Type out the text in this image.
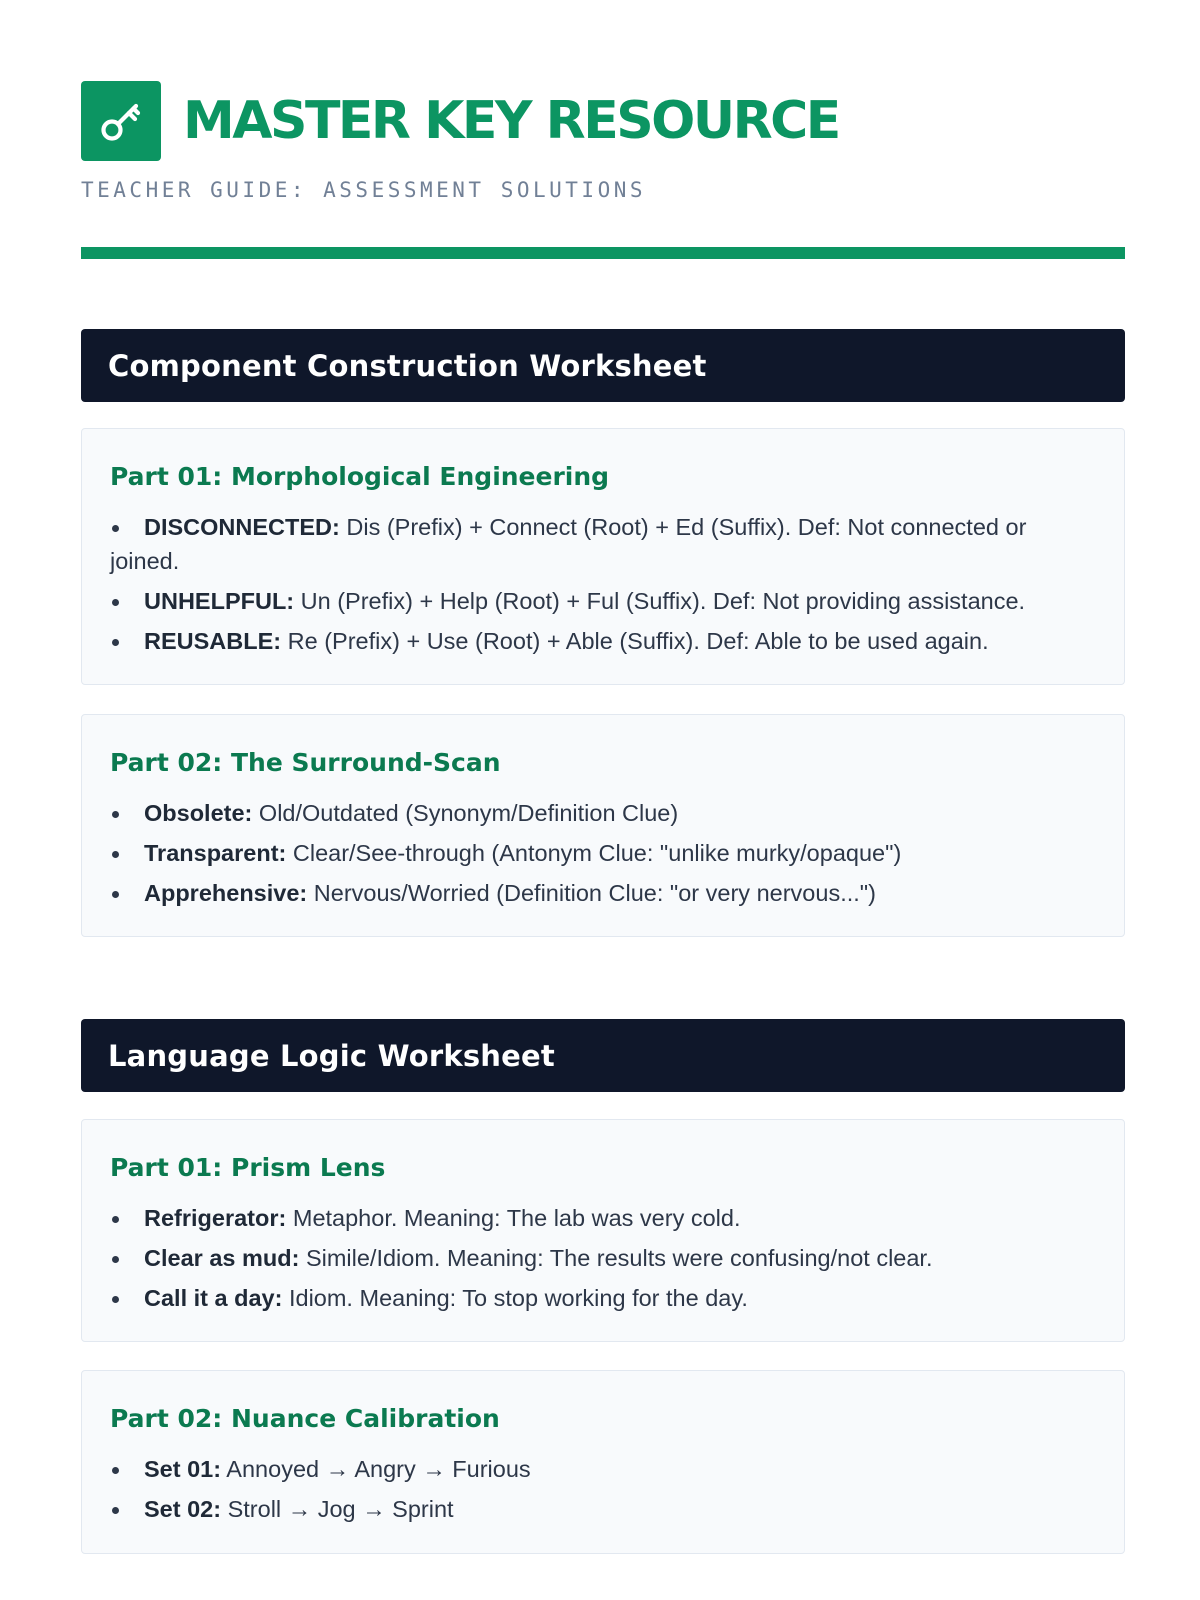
MASTER KEY RESOURCE
TEACHER GUIDE: ASSESSMENT SOLUTIONS
Component Construction Worksheet
Part 01: Morphological Engineering
DISCONNECTED: Dis (Prefix) + Connect (Root) + Ed (Suffix). Def: Not connected or joined.
UNHELPFUL: Un (Prefix) + Help (Root) + Ful (Suffix). Def: Not providing assistance.
REUSABLE: Re (Prefix) + Use (Root) + Able (Suffix). Def: Able to be used again.
Part 02: The Surround-Scan
Obsolete: Old/Outdated (Synonym/Definition Clue)
Transparent: Clear/See-through (Antonym Clue: "unlike murky/opaque")
Apprehensive: Nervous/Worried (Definition Clue: "or very nervous...")
Language Logic Worksheet
Part 01: Prism Lens
Refrigerator: Metaphor. Meaning: The lab was very cold.
Clear as mud: Simile/Idiom. Meaning: The results were confusing/not clear.
Call it a day: Idiom. Meaning: To stop working for the day.
Part 02: Nuance Calibration
Set 01: Annoyed → Angry → Furious
Set 02: Stroll → Jog → Sprint
